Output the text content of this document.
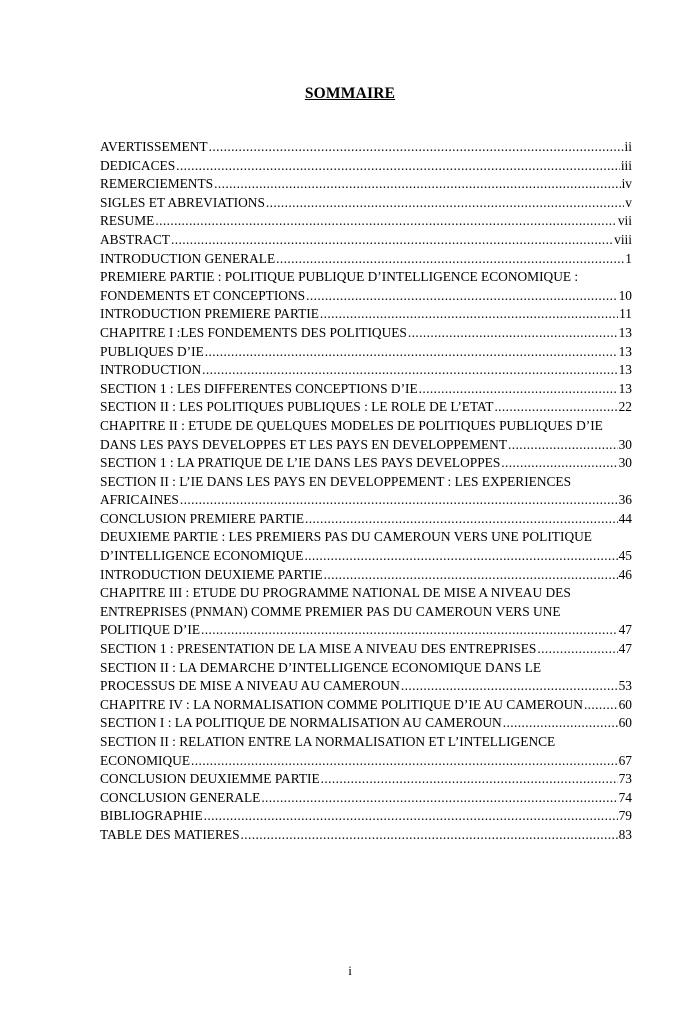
SOMMAIRE
AVERTISSEMENT .....	ii
DEDICACES .....	iii
REMERCIEMENTS .....	iv
SIGLES ET ABREVIATIONS .....	v
RESUME .....	vii
ABSTRACT .....	viii
INTRODUCTION GENERALE .....	1
PREMIERE PARTIE : POLITIQUE PUBLIQUE D’INTELLIGENCE ECONOMIQUE :
FONDEMENTS ET CONCEPTIONS .....	10
INTRODUCTION PREMIERE PARTIE .....	11
CHAPITRE I :LES FONDEMENTS DES POLITIQUES .....	13
PUBLIQUES D’IE .....	13
INTRODUCTION .....	13
SECTION 1 : LES DIFFERENTES CONCEPTIONS D’IE .....	13
SECTION II : LES POLITIQUES PUBLIQUES : LE ROLE DE L’ETAT .....	22
CHAPITRE II : ETUDE DE QUELQUES MODELES DE POLITIQUES PUBLIQUES D’IE
DANS LES PAYS DEVELOPPES ET LES PAYS EN DEVELOPPEMENT .....	30
SECTION 1 : LA PRATIQUE DE L’IE DANS LES PAYS DEVELOPPES .....	30
SECTION II : L’IE DANS LES PAYS EN DEVELOPPEMENT : LES EXPERIENCES
AFRICAINES .....	36
CONCLUSION PREMIERE PARTIE .....	44
DEUXIEME PARTIE : LES PREMIERS PAS DU CAMEROUN VERS UNE POLITIQUE
D’INTELLIGENCE ECONOMIQUE .....	45
INTRODUCTION DEUXIEME PARTIE .....	46
CHAPITRE III : ETUDE DU PROGRAMME NATIONAL DE MISE A NIVEAU DES
ENTREPRISES (PNMAN) COMME PREMIER PAS DU CAMEROUN VERS UNE
POLITIQUE D’IE .....	47
SECTION 1 : PRESENTATION DE LA MISE A NIVEAU DES ENTREPRISES .....	47
SECTION II : LA DEMARCHE D’INTELLIGENCE ECONOMIQUE DANS LE
PROCESSUS DE MISE A NIVEAU AU CAMEROUN .....	53
CHAPITRE IV : LA NORMALISATION COMME POLITIQUE D’IE AU CAMEROUN .....	60
SECTION I : LA POLITIQUE DE NORMALISATION AU CAMEROUN .....	60
SECTION II : RELATION ENTRE LA NORMALISATION ET L’INTELLIGENCE
ECONOMIQUE .....	67
CONCLUSION DEUXIEMME PARTIE .....	73
CONCLUSION GENERALE .....	74
BIBLIOGRAPHIE .....	79
TABLE DES MATIERES .....	83
i
